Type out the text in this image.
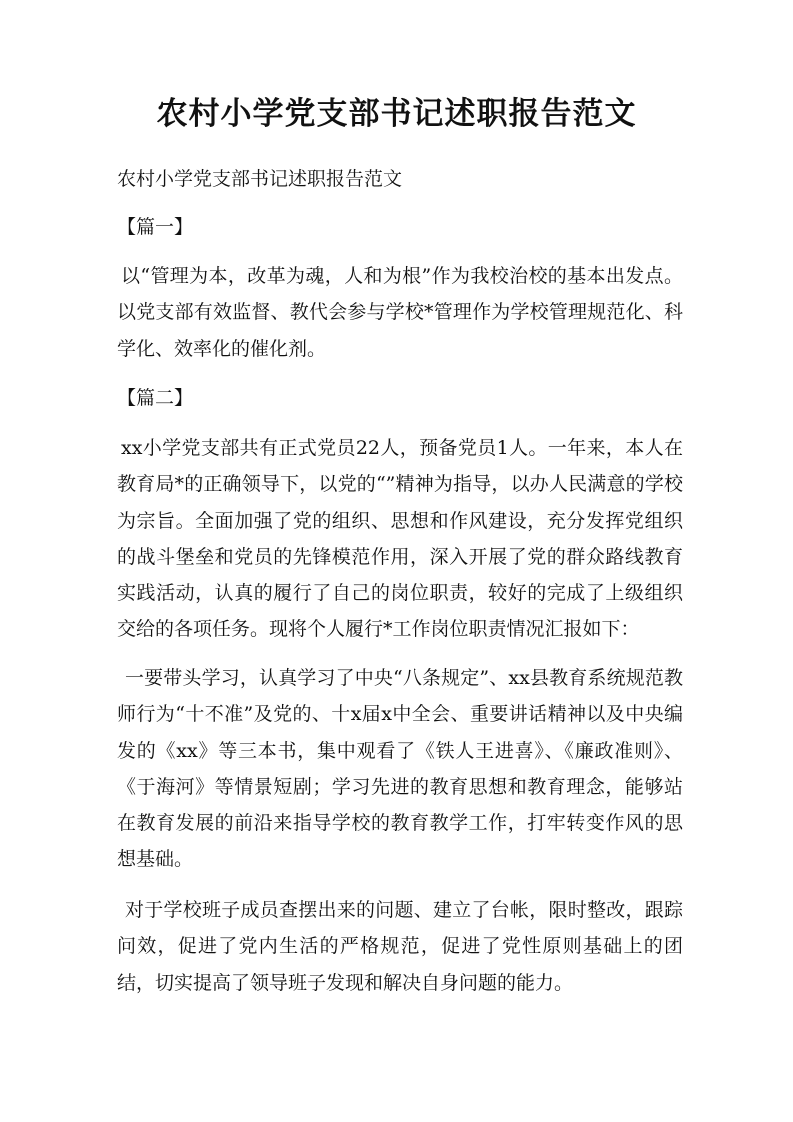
农村小学党支部书记述职报告范文

农村小学党支部书记述职报告范文

【篇一】

以“管理为本，改革为魂，人和为根”作为我校治校的基本出发点。以党支部有效监督、教代会参与学校*管理作为学校管理规范化、科学化、效率化的催化剂。

【篇二】

xx小学党支部共有正式党员22人，预备党员1人。一年来，本人在教育局*的正确领导下，以党的“”精神为指导，以办人民满意的学校为宗旨。全面加强了党的组织、思想和作风建设，充分发挥党组织的战斗堡垒和党员的先锋模范作用，深入开展了党的群众路线教育实践活动，认真的履行了自己的岗位职责，较好的完成了上级组织交给的各项任务。现将个人履行*工作岗位职责情况汇报如下：

一要带头学习，认真学习了中央“八条规定”、xx县教育系统规范教师行为“十不准”及党的、十x届x中全会、重要讲话精神以及中央编发的《xx》等三本书，集中观看了《铁人王进喜》、《廉政准则》、《于海河》等情景短剧；学习先进的教育思想和教育理念，能够站在教育发展的前沿来指导学校的教育教学工作，打牢转变作风的思想基础。

对于学校班子成员查摆出来的问题、建立了台帐，限时整改，跟踪问效，促进了党内生活的严格规范，促进了党性原则基础上的团结，切实提高了领导班子发现和解决自身问题的能力。
